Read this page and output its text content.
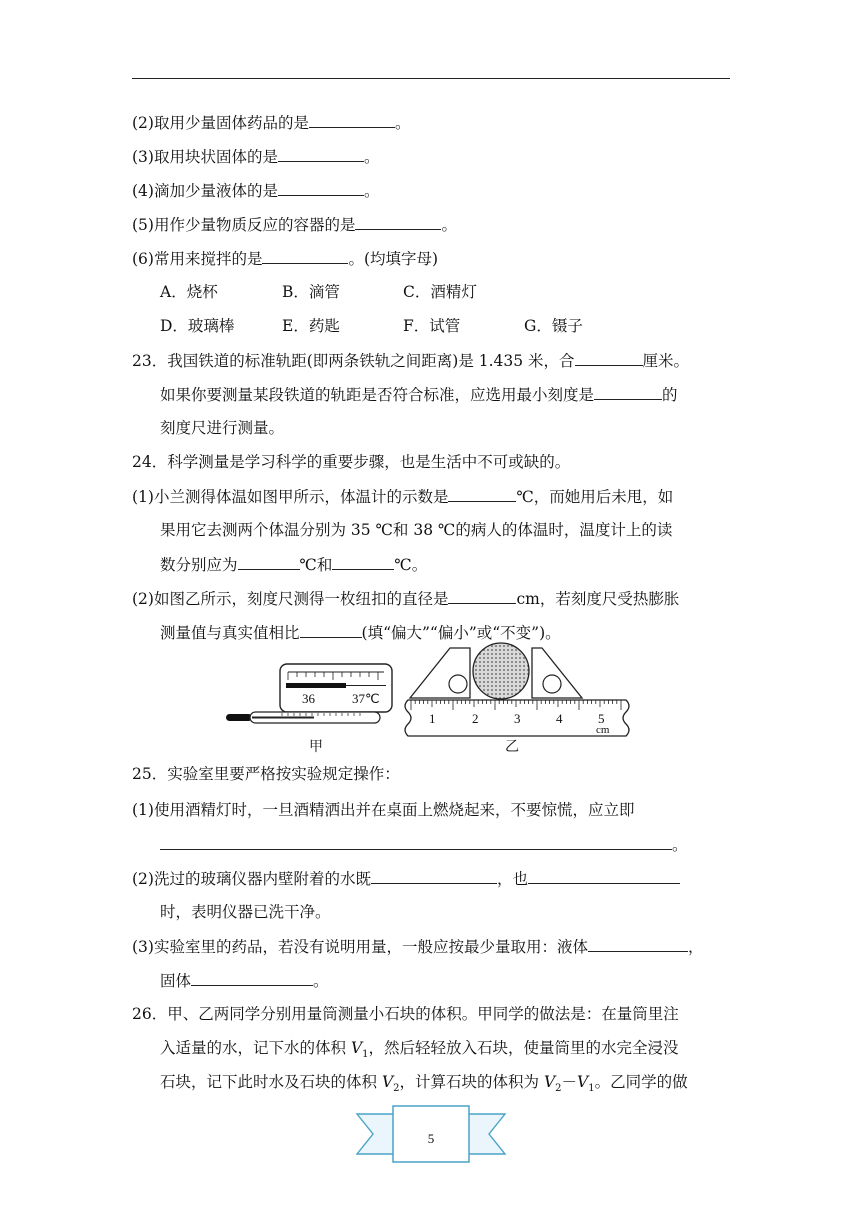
(2)取用少量固体药品的是	。
(3)取用块状固体的是	。
(4)滴加少量液体的是	。
(5)用作少量物质反应的容器的是	。
(6)常用来搅拌的是	。(均填字母)
A．烧杯	B．滴管	C．酒精灯
D．玻璃棒	E．药匙	F．试管	G．镊子
23．我国铁道的标准轨距(即两条铁轨之间距离)是 1.435 米，合	厘米。
如果你要测量某段铁道的轨距是否符合标准，应选用最小刻度是	的
刻度尺进行测量。
24．科学测量是学习科学的重要步骤，也是生活中不可或缺的。
(1)小兰测得体温如图甲所示，体温计的示数是	℃，而她用后未甩，如
果用它去测两个体温分别为 35 ℃和 38 ℃的病人的体温时，温度计上的读
数分别应为	℃和	℃。
(2)如图乙所示，刻度尺测得一枚纽扣的直径是	cm，若刻度尺受热膨胀
测量值与真实值相比	(填“偏大”“偏小”或“不变”)。
36	37℃
甲
1	2	3	4	5
cm
乙
25．实验室里要严格按实验规定操作：
(1)使用酒精灯时，一旦酒精洒出并在桌面上燃烧起来，不要惊慌，应立即
。
(2)洗过的玻璃仪器内壁附着的水既	，也
时，表明仪器已洗干净。
(3)实验室里的药品，若没有说明用量，一般应按最少量取用：液体	，
固体	。
26．甲、乙两同学分别用量筒测量小石块的体积。甲同学的做法是：在量筒里注
入适量的水，记下水的体积 $V_1$，然后轻轻放入石块，使量筒里的水完全浸没
石块，记下此时水及石块的体积 $V_2$，计算石块的体积为 $V_2-V_1$。乙同学的做
5
